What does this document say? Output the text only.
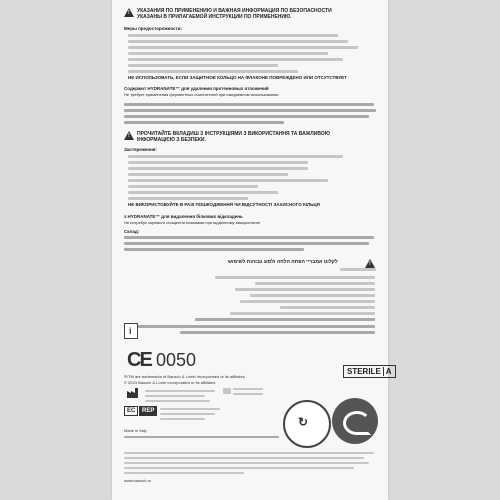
!
УКАЗАНИЯ ПО ПРИМЕНЕНИЮ И ВАЖНАЯ ИНФОРМАЦИЯ ПО БЕЗОПАСНОСТИ
УКАЗАНЫ В ПРИЛАГАЕМОЙ ИНСТРУКЦИИ ПО ПРИМЕНЕНИЮ.
Меры предосторожности:
НЕ ИСПОЛЬЗОВАТЬ, ЕСЛИ ЗАЩИТНОЕ КОЛЬЦО НА ФЛАКОНЕ ПОВРЕЖДЕНО ИЛИ ОТСУТСТВУЕТ
Содержит HYDRANATE™ для удаления протеиновых отложений
Не требует применения ферментных очистителей при ежедневном использовании
!
ПРОЧИТАЙТЕ ВКЛАДИШ З ІНСТРУКЦІЯМИ З ВИКОРИСТАННЯ ТА ВАЖЛИВОЮ
ІНФОРМАЦІЄЮ З БЕЗПЕКИ.
Застереження:
НЕ ВИКОРИСТОВУЙТЕ В РАЗІ ПОШКОДЖЕННЯ ЧИ ВІДСУТНОСТІ ЗАХИСНОГО КІЛЬЦЯ
з HYDRANATE™ для видалення білкових відкладень
Не потребує окремого очищення ензимами при щоденному використанні
Склад:
!
לקלוט אמבריי הפתה הלחה ולסוג גבוהות לשימוש
i
CE 0050
STERILE A
®/TM are trademarks of Bausch & Lomb Incorporated or its affiliates
© 2023 Bausch & Lomb Incorporated or its affiliates
EC	REP
↻
Made in Italy
www.bausch.ru
